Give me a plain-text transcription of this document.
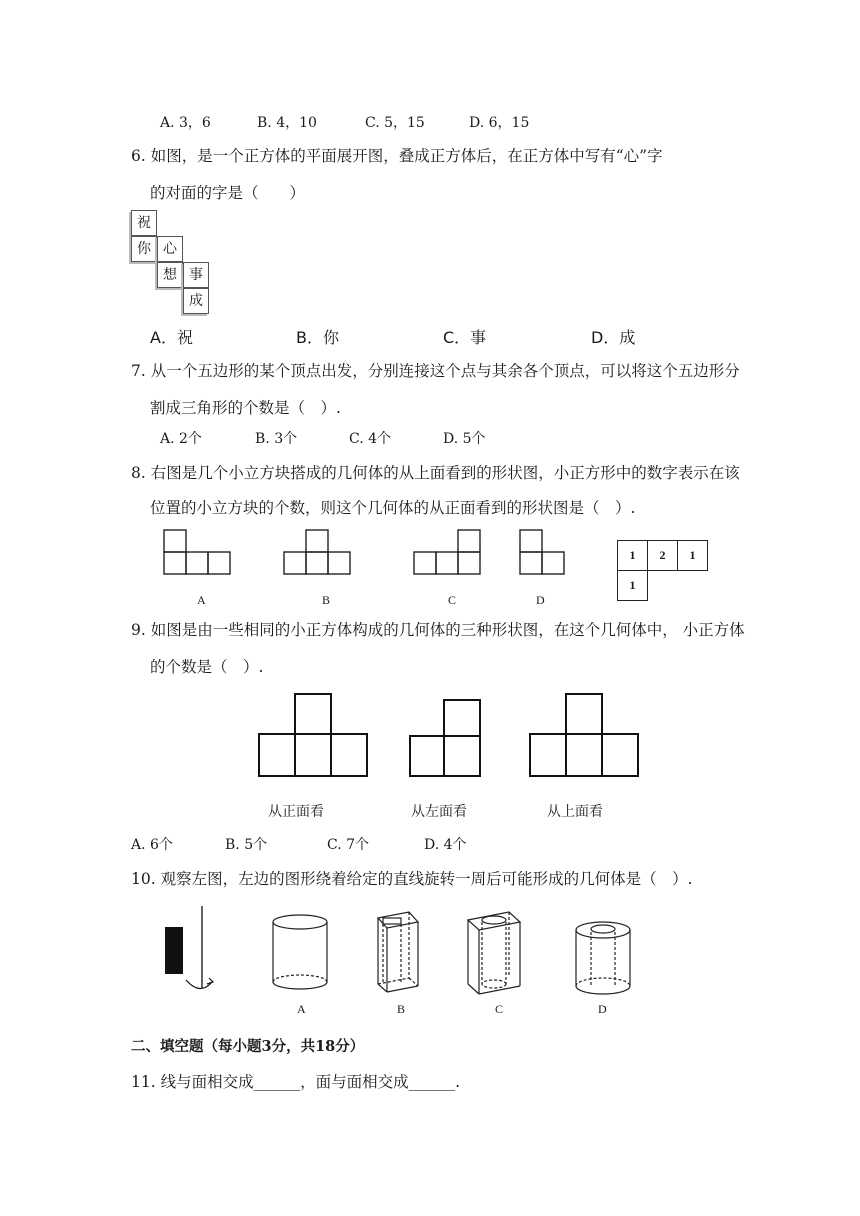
A. 3，6	B. 4，10	C. 5，15	D. 6，15
6. 如图，是一个正方体的平面展开图，叠成正方体后，在正方体中写有“心”字
的对面的字是（　　）
祝
你 心
想 事
成
A．祝	B．你	C．事	D．成
7. 从一个五边形的某个顶点出发，分别连接这个点与其余各个顶点，可以将这个五边形分
割成三角形的个数是（　）.
A. 2个	B. 3个	C. 4个	D. 5个
8. 右图是几个小立方块搭成的几何体的从上面看到的形状图，小正方形中的数字表示在该
位置的小立方块的个数，则这个几何体的从正面看到的形状图是（　）.
A	B	C	D
1	2	1
1
9. 如图是由一些相同的小正方体构成的几何体的三种形状图，在这个几何体中， 小正方体
的个数是（　）.
从正面看	从左面看	从上面看
A. 6个	B. 5个	C. 7个	D. 4个
10. 观察左图，左边的图形绕着给定的直线旋转一周后可能形成的几何体是（　）.
A	B	C	D
二、填空题（每小题3分，共18分）
11. 线与面相交成______，面与面相交成______.
